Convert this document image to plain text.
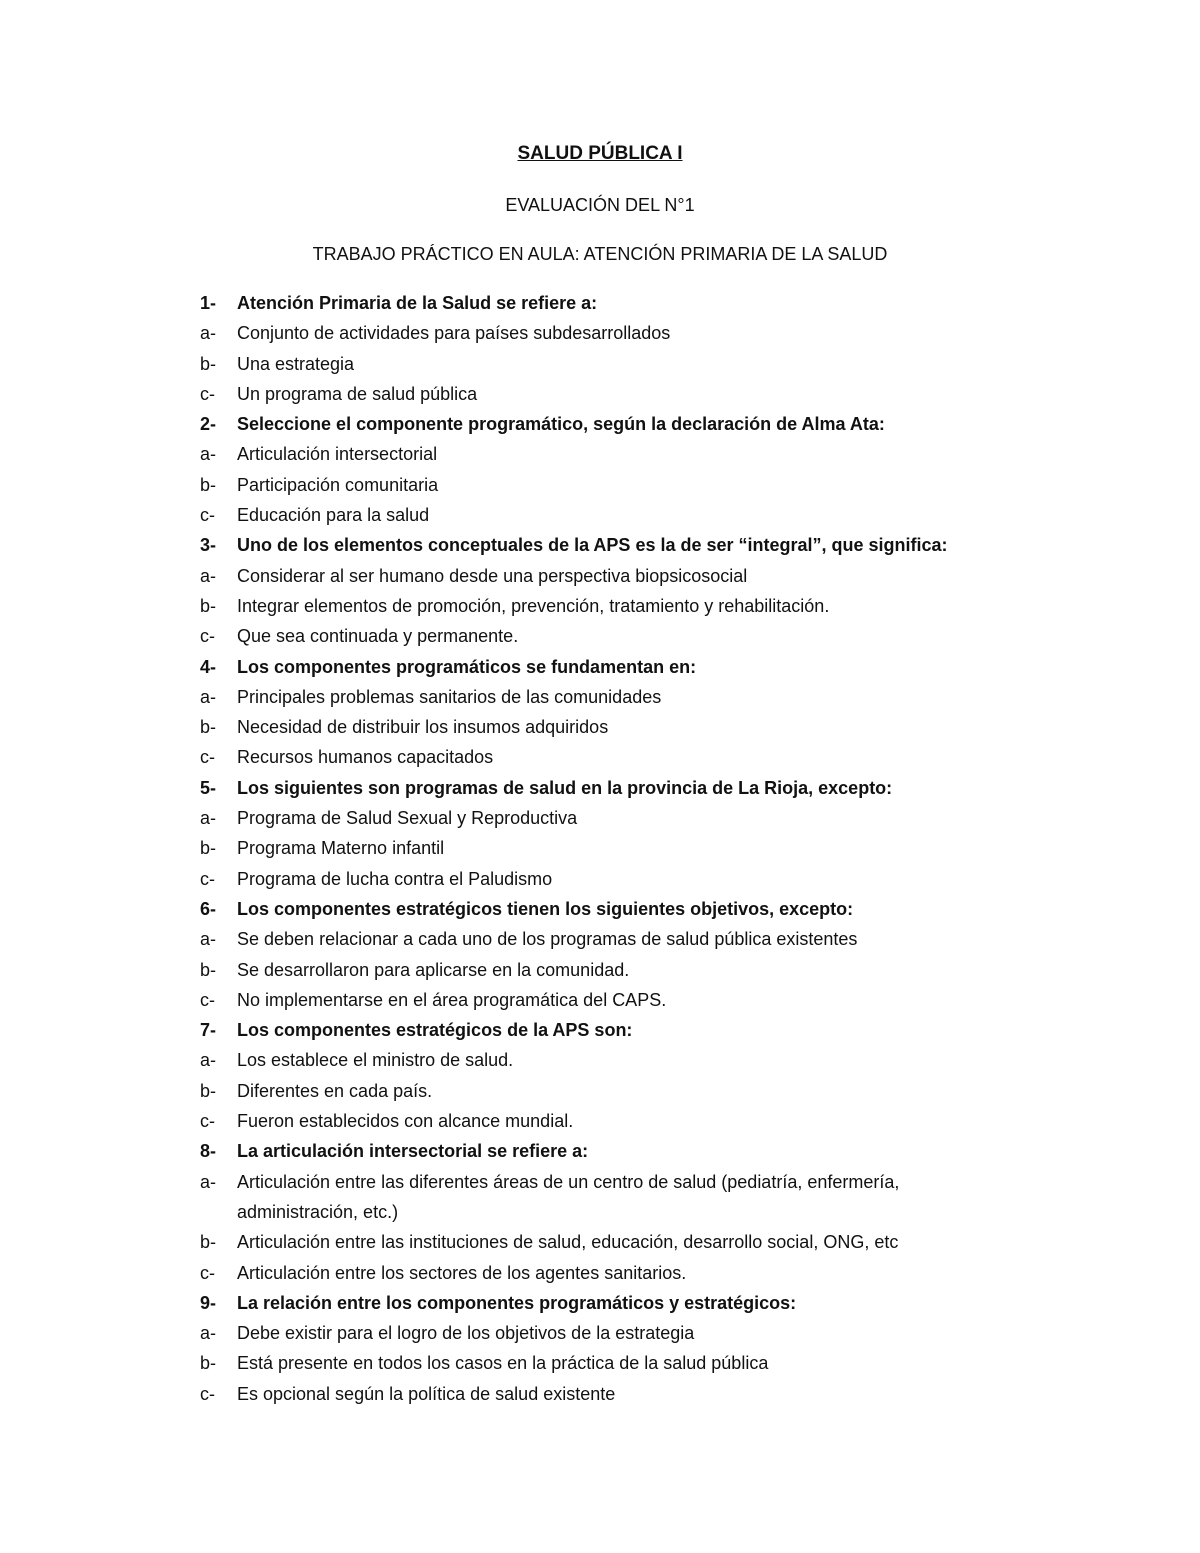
SALUD PÚBLICA I
EVALUACIÓN DEL N°1
TRABAJO PRÁCTICO EN AULA: ATENCIÓN PRIMARIA DE LA SALUD
1-	Atención Primaria de la Salud se refiere a:
a-	Conjunto de actividades para países subdesarrollados
b-	Una estrategia
c-	Un programa de salud pública
2-	Seleccione el componente programático, según la declaración de Alma Ata:
a-	Articulación intersectorial
b-	Participación comunitaria
c-	Educación para la salud
3-	Uno de los elementos conceptuales de la APS es la de ser “integral”, que significa:
a-	Considerar al ser humano desde una perspectiva biopsicosocial
b-	Integrar elementos de promoción, prevención, tratamiento y rehabilitación.
c-	Que sea continuada y permanente.
4-	Los componentes programáticos se fundamentan en:
a-	Principales problemas sanitarios de las comunidades
b-	Necesidad de distribuir los insumos adquiridos
c-	Recursos humanos capacitados
5-	Los siguientes son programas de salud en la provincia de La Rioja, excepto:
a-	Programa de Salud Sexual y Reproductiva
b-	Programa Materno infantil
c-	Programa de lucha contra el Paludismo
6-	Los componentes estratégicos tienen los siguientes objetivos, excepto:
a-	Se deben relacionar a cada uno de los programas de salud pública existentes
b-	Se desarrollaron para aplicarse en la comunidad.
c-	No implementarse en el área programática del CAPS.
7-	Los componentes estratégicos de la APS son:
a-	Los establece el ministro de salud.
b-	Diferentes en cada país.
c-	Fueron establecidos con alcance mundial.
8-	La articulación intersectorial se refiere a:
a-	Articulación entre las diferentes áreas de un centro de salud (pediatría, enfermería, administración, etc.)
b-	Articulación entre las instituciones de salud, educación, desarrollo social, ONG, etc
c-	Articulación entre los sectores de los agentes sanitarios.
9-	La relación entre los componentes programáticos y estratégicos:
a-	Debe existir para el logro de los objetivos de la estrategia
b-	Está presente en todos los casos en la práctica de la salud pública
c-	Es opcional según la política de salud existente
